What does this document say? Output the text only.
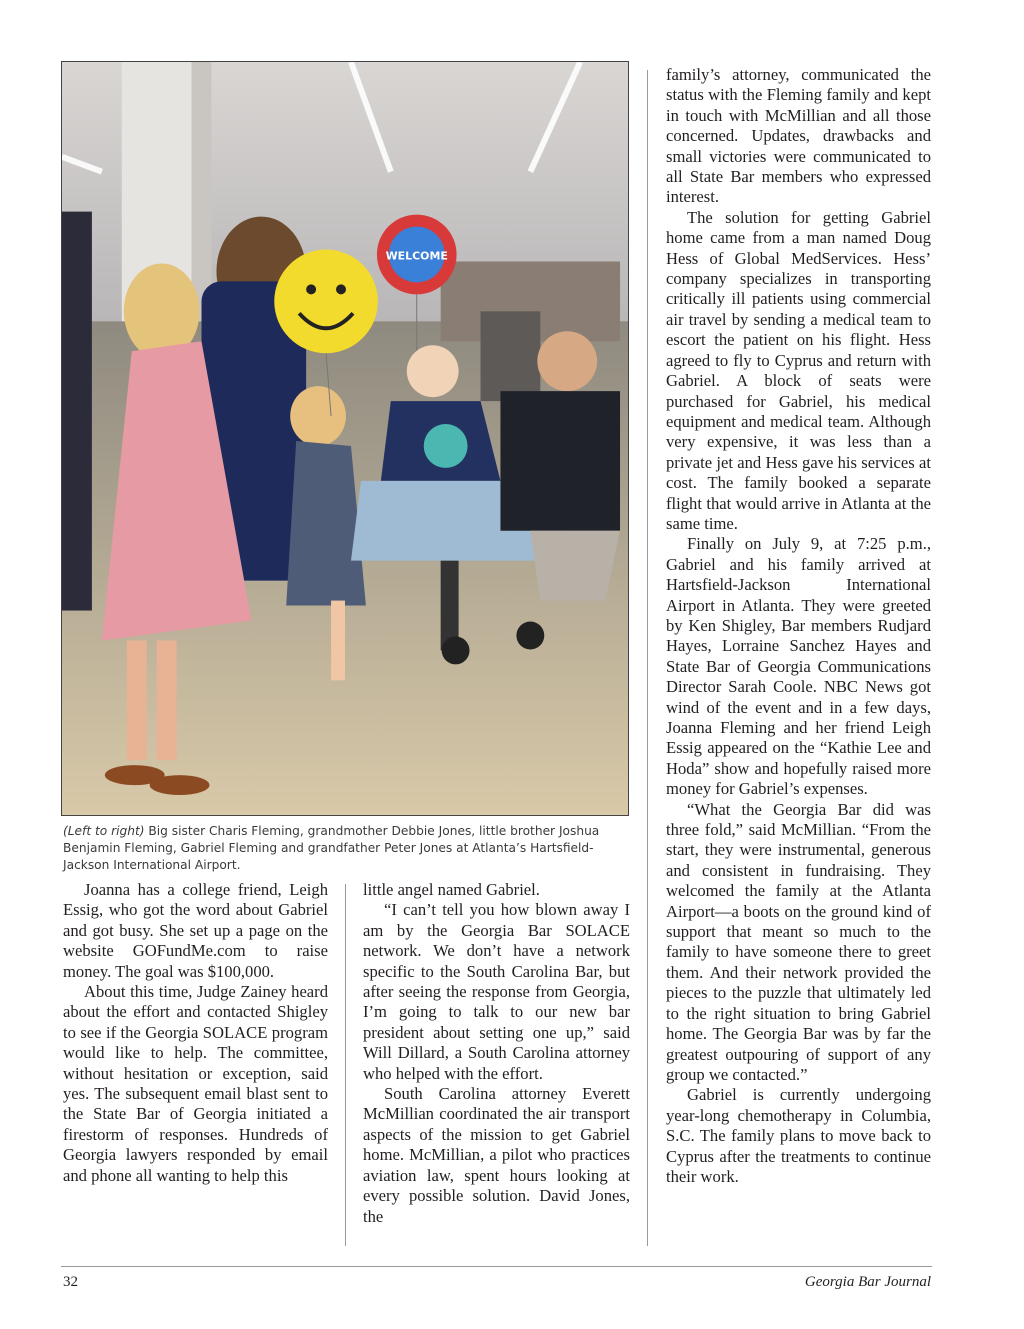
WELCOME
(Left to right) Big sister Charis Fleming, grandmother Debbie Jones, little brother Joshua Benjamin Fleming, Gabriel Fleming and grandfather Peter Jones at Atlanta’s Hartsfield-Jackson International Airport.

Joanna has a college friend, Leigh Essig, who got the word about Gabriel and got busy. She set up a page on the website GOFundMe.com to raise money. The goal was $100,000.

About this time, Judge Zainey heard about the effort and contacted Shigley to see if the Georgia SOLACE program would like to help. The committee, without hesitation or exception, said yes. The subsequent email blast sent to the State Bar of Georgia initiated a firestorm of responses. Hundreds of Georgia lawyers responded by email and phone all wanting to help this

little angel named Gabriel.

“I can’t tell you how blown away I am by the Georgia Bar SOLACE network. We don’t have a network specific to the South Carolina Bar, but after seeing the response from Georgia, I’m going to talk to our new bar president about setting one up,” said Will Dillard, a South Carolina attorney who helped with the effort.

South Carolina attorney Everett McMillian coordinated the air transport aspects of the mission to get Gabriel home. McMillian, a pilot who practices aviation law, spent hours looking at every possible solution. David Jones, the

family’s attorney, communicated the status with the Fleming family and kept in touch with McMillian and all those concerned. Updates, drawbacks and small victories were communicated to all State Bar members who expressed interest.

The solution for getting Gabriel home came from a man named Doug Hess of Global MedServices. Hess’ company specializes in transporting critically ill patients using commercial air travel by sending a medical team to escort the patient on his flight. Hess agreed to fly to Cyprus and return with Gabriel. A block of seats were purchased for Gabriel, his medical equipment and medical team. Although very expensive, it was less than a private jet and Hess gave his services at cost. The family booked a separate flight that would arrive in Atlanta at the same time.

Finally on July 9, at 7:25 p.m., Gabriel and his family arrived at Hartsfield-Jackson International Airport in Atlanta. They were greeted by Ken Shigley, Bar members Rudjard Hayes, Lorraine Sanchez Hayes and State Bar of Georgia Communications Director Sarah Coole. NBC News got wind of the event and in a few days, Joanna Fleming and her friend Leigh Essig appeared on the “Kathie Lee and Hoda” show and hopefully raised more money for Gabriel’s expenses.

“What the Georgia Bar did was three fold,” said McMillian. “From the start, they were instrumental, generous and consistent in fundraising. They welcomed the family at the Atlanta Airport—a boots on the ground kind of support that meant so much to the family to have someone there to greet them. And their network provided the pieces to the puzzle that ultimately led to the right situation to bring Gabriel home. The Georgia Bar was by far the greatest outpouring of support of any group we contacted.”

Gabriel is currently undergoing year-long chemotherapy in Columbia, S.C. The family plans to move back to Cyprus after the treatments to continue their work.

32	Georgia Bar Journal
